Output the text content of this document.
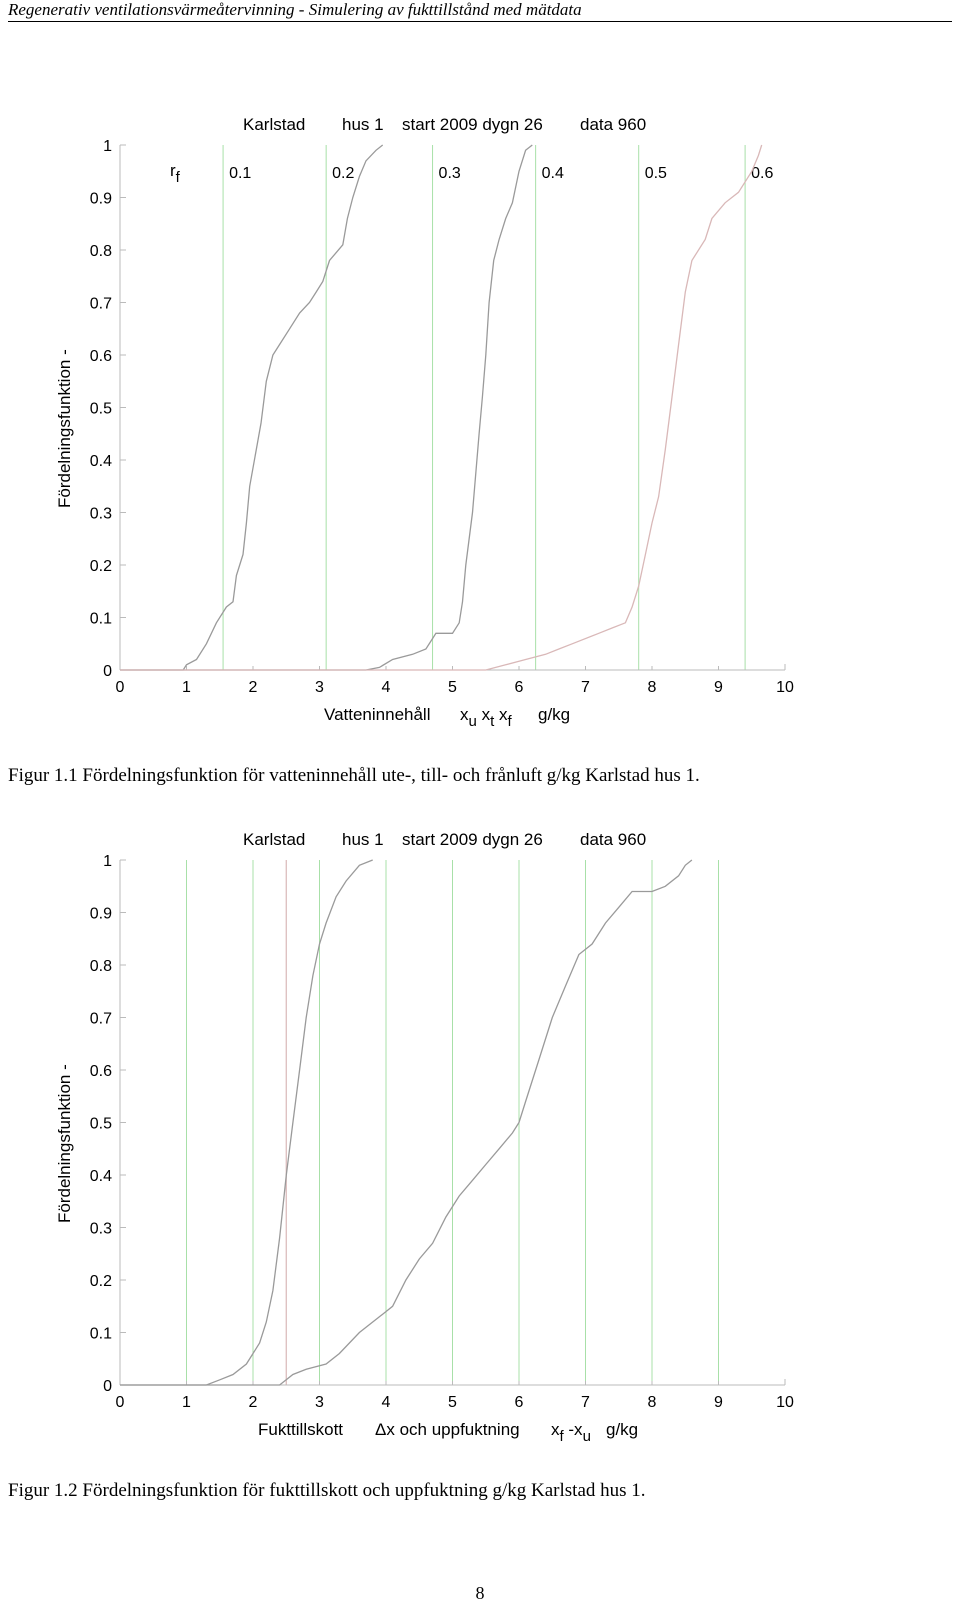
Regenerativ ventilationsvärmeåtervinning - Simulering av fukttillstånd med mätdata
Karlstad hus 1 start 2009 dygn 26 data 960
0
0.1
0.2
0.3
0.4
0.5
0.6
0.7
0.8
0.9
1
0	1	2	3	4	5	6	7	8	9	10
Fördelningsfunktion -
rf	0.1	0.2	0.3	0.4	0.5	0.6
Vatteninnehåll xu xt xf g/kg
Figur 1.1 Fördelningsfunktion för vatteninnehåll ute-, till- och frånluft g/kg Karlstad hus 1.
Karlstad hus 1 start 2009 dygn 26 data 960
0
0.1
0.2
0.3
0.4
0.5
0.6
0.7
0.8
0.9
1
0	1	2	3	4	5	6	7	8	9	10
Fördelningsfunktion -
Fukttillskott Δx och uppfuktning xf -xu g/kg
Figur 1.2 Fördelningsfunktion för fukttillskott och uppfuktning g/kg Karlstad hus 1.
8
